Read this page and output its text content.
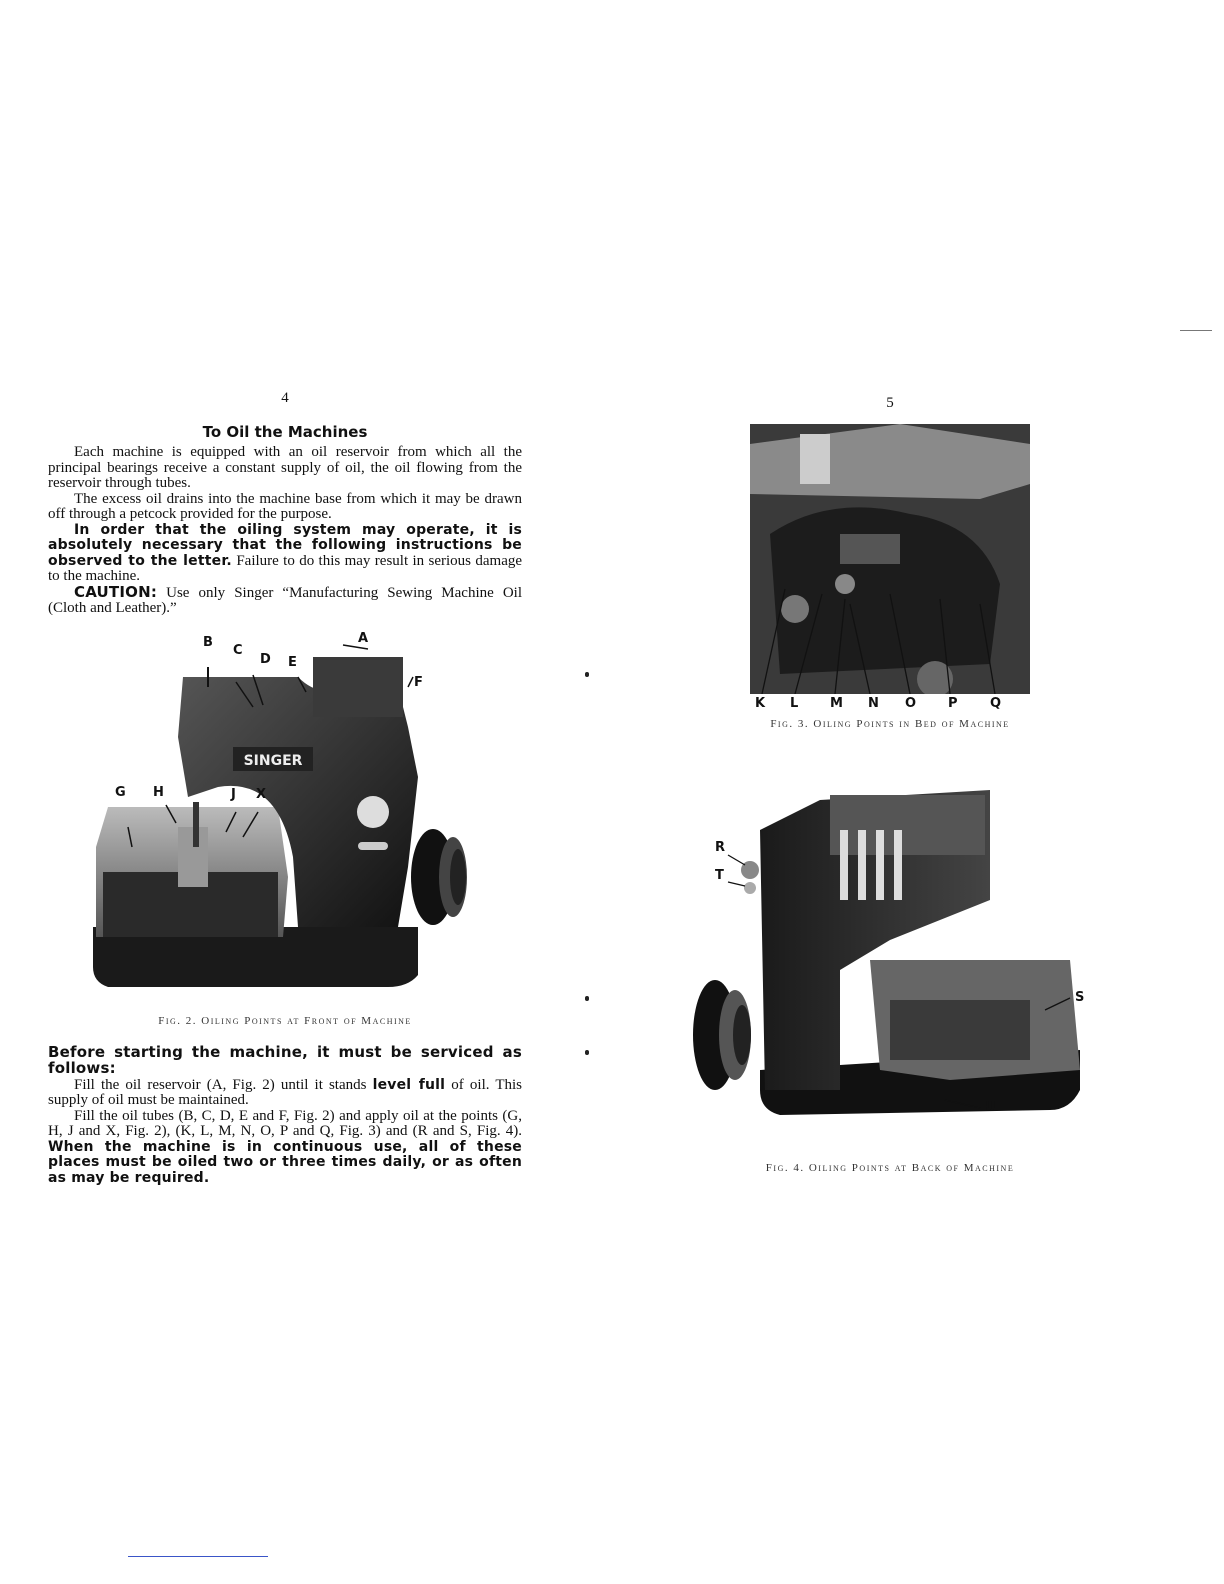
4
To Oil the Machines

Each machine is equipped with an oil reservoir from which all the principal bearings receive a constant supply of oil, the oil flowing from the reservoir through tubes.

The excess oil drains into the machine base from which it may be drawn off through a petcock provided for the purpose.

In order that the oiling system may operate, it is absolutely necessary that the following instructions be observed to the letter. Failure to do this may result in serious damage to the machine.

CAUTION: Use only Singer “Manufacturing Sewing Machine Oil (Cloth and Leather).”

SINGER
A
B
C
D E
F
G H	J X
Fig. 2. Oiling Points at Front of Machine

Before starting the machine, it must be serviced as follows:

Fill the oil reservoir (A, Fig. 2) until it stands level full of oil. This supply of oil must be maintained.

Fill the oil tubes (B, C, D, E and F, Fig. 2) and apply oil at the points (G, H, J and X, Fig. 2), (K, L, M, N, O, P and Q, Fig. 3) and (R and S, Fig. 4). When the machine is in continuous use, all of these places must be oiled two or three times daily, or as often as may be required.

5
K L M N O P Q
Fig. 3. Oiling Points in Bed of Machine
R
T
S
U
Fig. 4. Oiling Points at Back of Machine
